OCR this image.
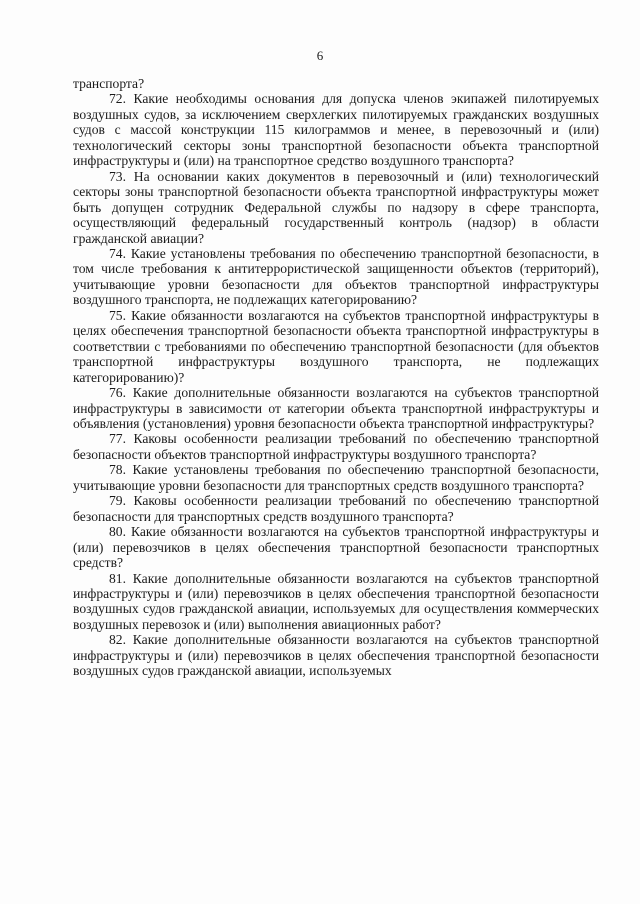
6

транспорта?

72. Какие необходимы основания для допуска членов экипажей пилотируемых воздушных судов, за исключением сверхлегких пилотируемых гражданских воздушных судов с массой конструкции 115 килограммов и менее, в перевозочный и (или) технологический секторы зоны транспортной безопасности объекта транспортной инфраструктуры и (или) на транспортное средство воздушного транспорта?

73. На основании каких документов в перевозочный и (или) технологический секторы зоны транспортной безопасности объекта транспортной инфраструктуры может быть допущен сотрудник Федеральной службы по надзору в сфере транспорта, осуществляющий федеральный государственный контроль (надзор) в области гражданской авиации?

74. Какие установлены требования по обеспечению транспортной безопасности, в том числе требования к антитеррористической защищенности объектов (территорий), учитывающие уровни безопасности для объектов транспортной инфраструктуры воздушного транспорта, не подлежащих категорированию?

75. Какие обязанности возлагаются на субъектов транспортной инфраструктуры в целях обеспечения транспортной безопасности объекта транспортной инфраструктуры в соответствии с требованиями по обеспечению транспортной безопасности (для объектов транспортной инфраструктуры воздушного транспорта, не подлежащих категорированию)?

76. Какие дополнительные обязанности возлагаются на субъектов транспортной инфраструктуры в зависимости от категории объекта транспортной инфраструктуры и объявления (установления) уровня безопасности объекта транспортной инфраструктуры?

77. Каковы особенности реализации требований по обеспечению транспортной безопасности объектов транспортной инфраструктуры воздушного транспорта?

78. Какие установлены требования по обеспечению транспортной безопасности, учитывающие уровни безопасности для транспортных средств воздушного транспорта?

79. Каковы особенности реализации требований по обеспечению транспортной безопасности для транспортных средств воздушного транспорта?

80. Какие обязанности возлагаются на субъектов транспортной инфраструктуры и (или) перевозчиков в целях обеспечения транспортной безопасности транспортных средств?

81. Какие дополнительные обязанности возлагаются на субъектов транспортной инфраструктуры и (или) перевозчиков в целях обеспечения транспортной безопасности воздушных судов гражданской авиации, используемых для осуществления коммерческих воздушных перевозок и (или) выполнения авиационных работ?

82. Какие дополнительные обязанности возлагаются на субъектов транспортной инфраструктуры и (или) перевозчиков в целях обеспечения транспортной безопасности воздушных судов гражданской авиации, используемых
